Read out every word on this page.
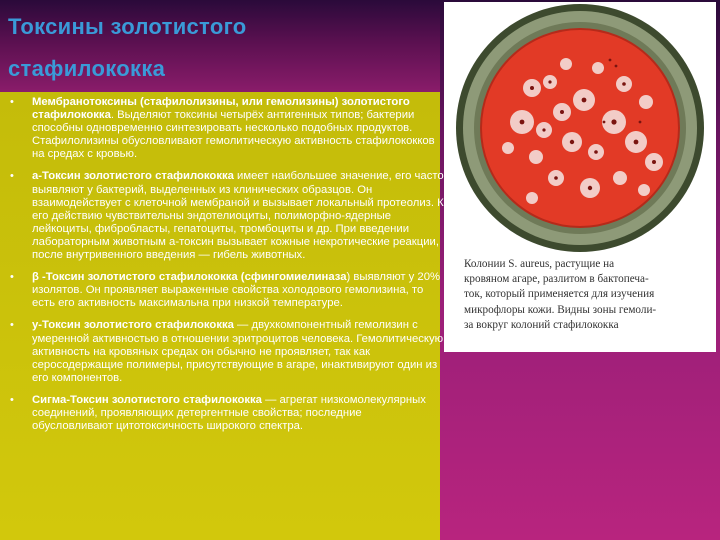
Токсины золотистого
стафилококка
• Мембранотоксины (стафилолизины, или гемолизины) золотистого стафилококка. Выделяют токсины четырёх антигенных типов; бактерии способны одновременно синтезировать несколько подобных продуктов. Стафилолизины обусловливают гемолитическую активность стафилококков на средах с кровью.
• а-Токсин золотистого стафилококка имеет наибольшее значение, его часто выявляют у бактерий, выделенных из клинических образцов. Он взаимодействует с клеточной мембраной и вызывает локальный протеолиз. К его действию чувствительны эндотелиоциты, полиморфно-ядерные лейкоциты, фибробласты, гепатоциты, тромбоциты и др. При введении лабораторным животным а-токсин вызывает кожные некротические реакции, после внутривенного введения — гибель животных.
• β -Токсин золотистого стафилококка (сфингомиелиназа) выявляют у 20% изолятов. Он проявляет выраженные свойства холодового гемолизина, то есть его активность максимальна при низкой температуре.
• у-Токсин золотистого стафилококка — двухкомпонентный гемолизин с умеренной активностью в отношении эритроцитов человека. Гемолитическую активность на кровяных средах он обычно не проявляет, так как серосодержащие полимеры, присутствующие в агаре, инактивируют один из его компонентов.
• Сигма-Токсин золотистого стафилококка — агрегат низкомолекулярных соединений, проявляющих детергентные свойства; последние обусловливают цитотоксичность широкого спектра.
Колонии S. aureus, растущие на
кровяном агаре, разлитом в бактопеча-
ток, который применяется для изучения
микрофлоры кожи. Видны зоны гемоли-
за вокруг колоний стафилококка
